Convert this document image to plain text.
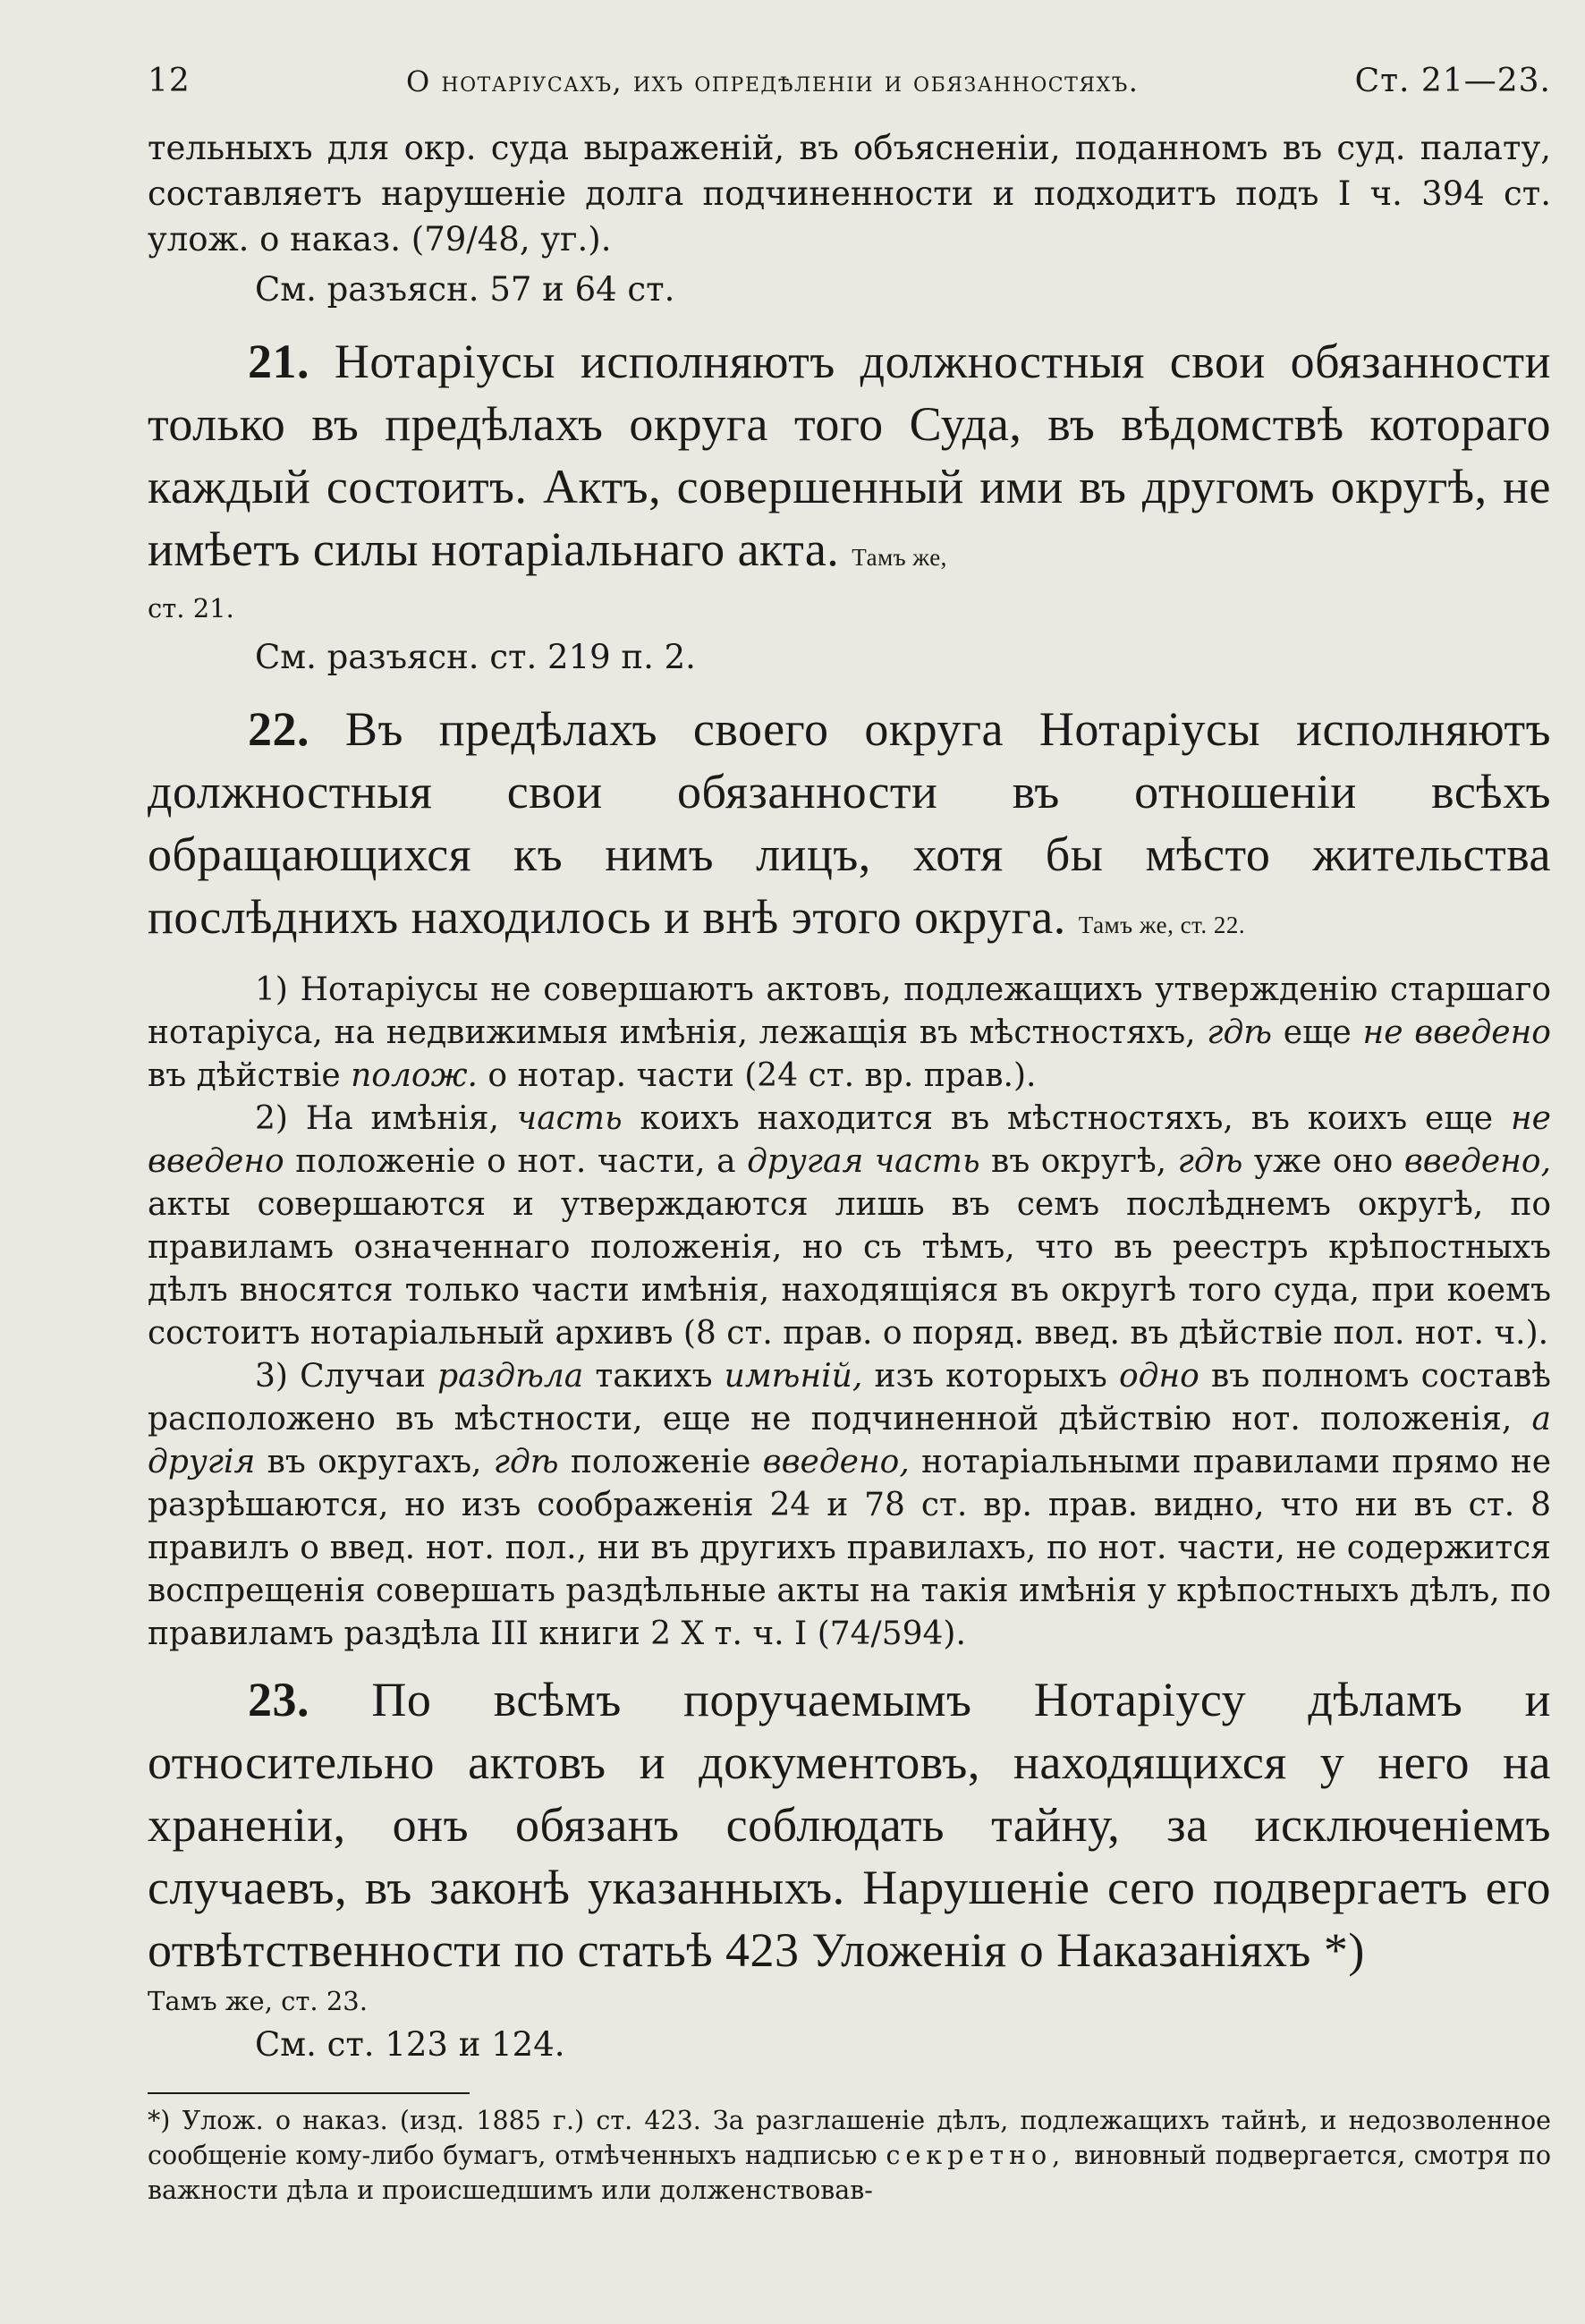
12	О нотаріусахъ, ихъ опредѣленіи и обязанностяхъ.	Ст. 21—23.

тельныхъ для окр. суда выраженій, въ объясненіи, поданномъ въ суд. палату, составляетъ нарушеніе долга подчиненности и подходитъ подъ I ч. 394 ст. улож. о наказ. (79/48, уг.).

См. разъясн. 57 и 64 ст.

21. Нотаріусы исполняютъ должностныя свои обязанности только въ предѣлахъ округа того Суда, въ вѣдомствѣ котораго каждый состоитъ. Актъ, совершенный ими въ другомъ округѣ, не имѣетъ силы нотаріальнаго акта. Тамъ же,

ст. 21.

См. разъясн. ст. 219 п. 2.

22. Въ предѣлахъ своего округа Нотаріусы исполняютъ должностныя свои обязанности въ отношеніи всѣхъ обращающихся къ нимъ лицъ, хотя бы мѣсто жительства послѣднихъ находилось и внѣ этого округа. Тамъ же, ст. 22.

1) Нотаріусы не совершаютъ актовъ, подлежащихъ утвержденію старшаго нотаріуса, на недвижимыя имѣнія, лежащія въ мѣстностяхъ, гдѣ еще не введено въ дѣйствіе полож. о нотар. части (24 ст. вр. прав.).

2) На имѣнія, часть коихъ находится въ мѣстностяхъ, въ коихъ еще не введено положеніе о нот. части, а другая часть въ округѣ, гдѣ уже оно введено, акты совершаются и утверждаются лишь въ семъ послѣднемъ округѣ, по правиламъ означеннаго положенія, но съ тѣмъ, что въ реестръ крѣпостныхъ дѣлъ вносятся только части имѣнія, находящіяся въ округѣ того суда, при коемъ состоитъ нотаріальный архивъ (8 ст. прав. о поряд. введ. въ дѣйствіе пол. нот. ч.).

3) Случаи раздѣла такихъ имѣній, изъ которыхъ одно въ полномъ составѣ расположено въ мѣстности, еще не подчиненной дѣйствію нот. положенія, а другія въ округахъ, гдѣ положеніе введено, нотаріальными правилами прямо не разрѣшаются, но изъ соображенія 24 и 78 ст. вр. прав. видно, что ни въ ст. 8 правилъ о введ. нот. пол., ни въ другихъ правилахъ, по нот. части, не содержится воспрещенія совершать раздѣльные акты на такія имѣнія у крѣпостныхъ дѣлъ, по правиламъ раздѣла III книги 2 X т. ч. I (74/594).

23. По всѣмъ поручаемымъ Нотаріусу дѣламъ и относительно актовъ и документовъ, находящихся у него на храненіи, онъ обязанъ соблюдать тайну, за исключеніемъ случаевъ, въ законѣ указанныхъ. Нарушеніе сего подвергаетъ его отвѣтственности по статьѣ 423 Уложенія о Наказаніяхъ *)

Тамъ же, ст. 23.

См. ст. 123 и 124.

*) Улож. о наказ. (изд. 1885 г.) ст. 423. За разглашеніе дѣлъ, подлежащихъ тайнѣ, и недозволенное сообщеніе кому-либо бумагъ, отмѣченныхъ надписью секретно, виновный подвергается, смотря по важности дѣла и происшедшимъ или долженствовав-
